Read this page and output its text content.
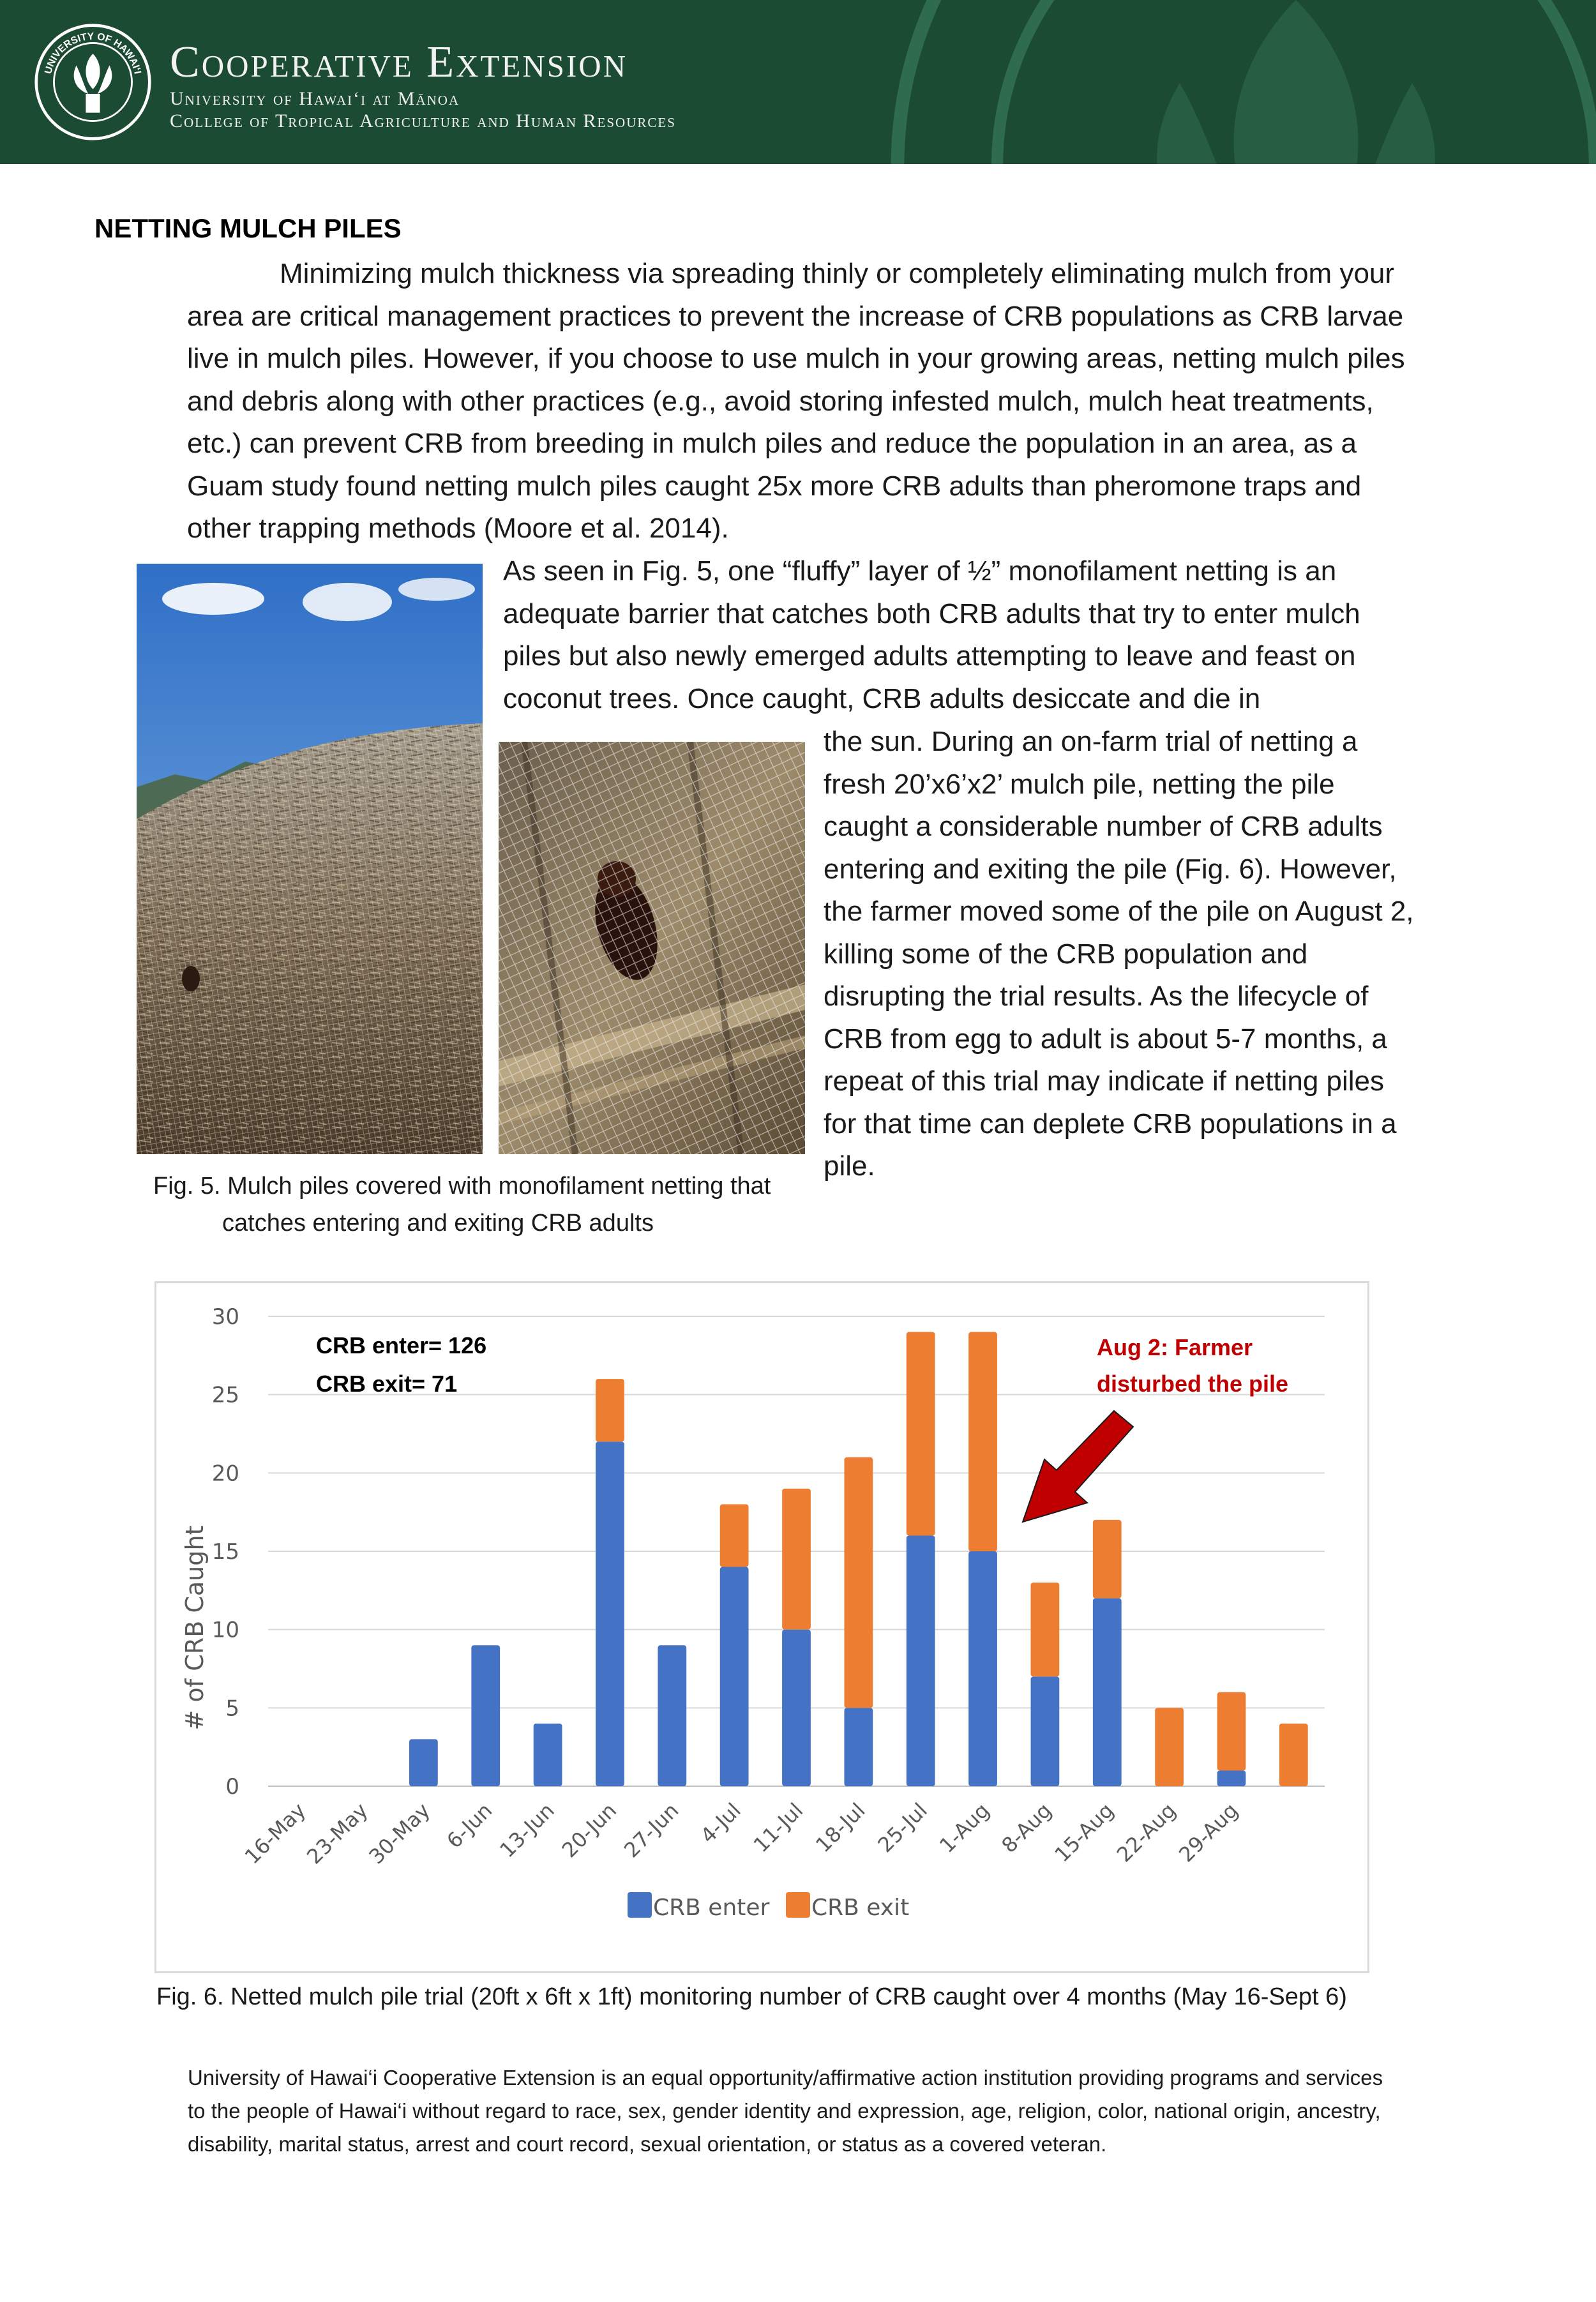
UNIVERSITY OF HAWAI‘I Cooperative Extension
University of Hawai‘i at Mānoa
College of Tropical Agriculture and Human Resources
NETTING MULCH PILES
Minimizing mulch thickness via spreading thinly or completely eliminating mulch from your area are critical management practices to prevent the increase of CRB populations as CRB larvae live in mulch piles. However, if you choose to use mulch in your growing areas, netting mulch piles and debris along with other practices (e.g., avoid storing infested mulch, mulch heat treatments, etc.) can prevent CRB from breeding in mulch piles and reduce the population in an area, as a Guam study found netting mulch piles caught 25x more CRB adults than pheromone traps and other trapping methods (Moore et al. 2014).
As seen in Fig. 5, one “fluffy” layer of ½” monofilament netting is an adequate barrier that catches both CRB adults that try to enter mulch piles but also newly emerged adults attempting to leave and feast on coconut trees. Once caught, CRB adults desiccate and die in
the sun. During an on-farm trial of netting a fresh 20’x6’x2’ mulch pile, netting the pile caught a considerable number of CRB adults entering and exiting the pile (Fig. 6). However, the farmer moved some of the pile on August 2, killing some of the CRB population and disrupting the trial results. As the lifecycle of CRB from egg to adult is about 5-7 months, a repeat of this trial may indicate if netting piles for that time can deplete CRB populations in a pile.
Fig. 5. Mulch piles covered with monofilament netting that
catches entering and exiting CRB adults
0
5
10
15
20
25
30
16-May
23-May
30-May 6-Jun
13-Jun
20-Jun
27-Jun 4-Jul 11-Jul 18-Jul 25-Jul 1-Aug 8-Aug
15-Aug
22-Aug
29-Aug
# of CRB Caught
CRB enter= 126
CRB exit= 71
Aug 2: Farmer
disturbed the pile
CRB enter CRB exit
Fig. 6. Netted mulch pile trial (20ft x 6ft x 1ft) monitoring number of CRB caught over 4 months (May 16-Sept 6)
University of Hawai‘i Cooperative Extension is an equal opportunity/affirmative action institution providing programs and services to the people of Hawai‘i without regard to race, sex, gender identity and expression, age, religion, color, national origin, ancestry, disability, marital status, arrest and court record, sexual orientation, or status as a covered veteran.
